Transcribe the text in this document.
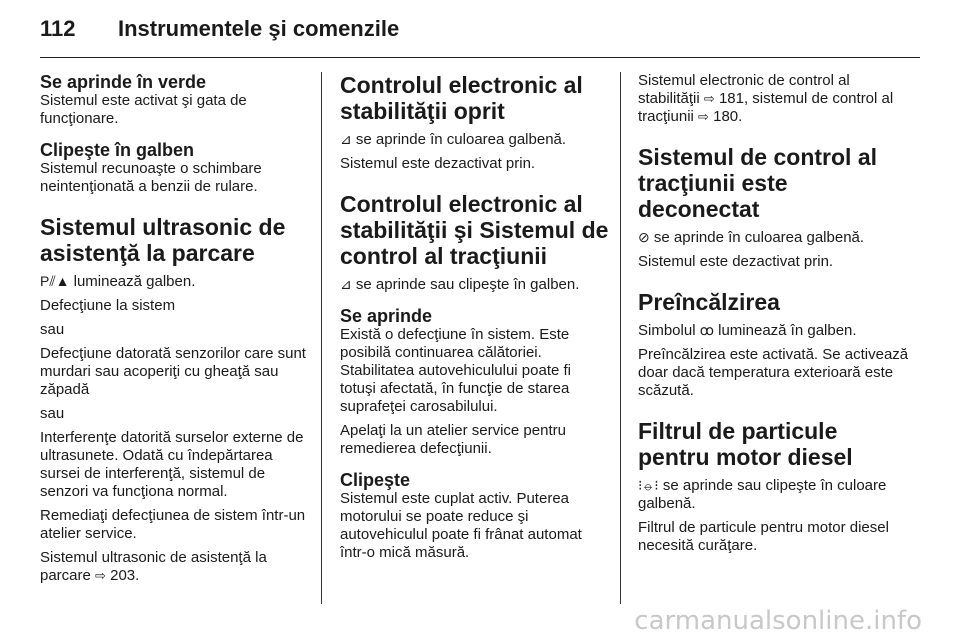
112	Instrumentele şi comenzile
Se aprinde în verde

Sistemul este activat şi gata de funcţionare.

Clipeşte în galben

Sistemul recunoaşte o schimbare neintenţionată a benzii de rulare.

Sistemul ultrasonic de asistenţă la parcare

P⫽▲ luminează galben.

Defecţiune la sistem

sau

Defecţiune datorată senzorilor care sunt murdari sau acoperiţi cu gheaţă sau zăpadă

sau

Interferenţe datorită surselor externe de ultrasunete. Odată cu îndepărtarea sursei de interferenţă, sistemul de senzori va funcţiona normal.

Remediaţi defecţiunea de sistem într-un atelier service.

Sistemul ultrasonic de asistenţă la parcare ⇨ 203.

Controlul electronic al stabilităţii oprit

⊿ se aprinde în culoarea galbenă.

Sistemul este dezactivat prin.

Controlul electronic al stabilităţii şi Sistemul de control al tracţiunii

⊿ se aprinde sau clipeşte în galben.

Se aprinde

Există o defecţiune în sistem. Este posibilă continuarea călătoriei. Stabilitatea autovehiculului poate fi totuşi afectată, în funcţie de starea suprafeţei carosabilului.

Apelaţi la un atelier service pentru remedierea defecţiunii.

Clipeşte

Sistemul este cuplat activ. Puterea motorului se poate reduce şi autovehiculul poate fi frânat automat într-o mică măsură.

Sistemul electronic de control al stabilităţii ⇨ 181, sistemul de control al tracţiunii ⇨ 180.

Sistemul de control al tracţiunii este deconectat

⊘ se aprinde în culoarea galbenă.

Sistemul este dezactivat prin.

Preîncălzirea

Simbolul ꝏ luminează în galben.

Preîncălzirea este activată. Se activează doar dacă temperatura exterioară este scăzută.

Filtrul de particule pentru motor diesel

⁝⦵⁝ se aprinde sau clipeşte în culoare galbenă.

Filtrul de particule pentru motor diesel necesită curăţare.

carmanualsonline.info
